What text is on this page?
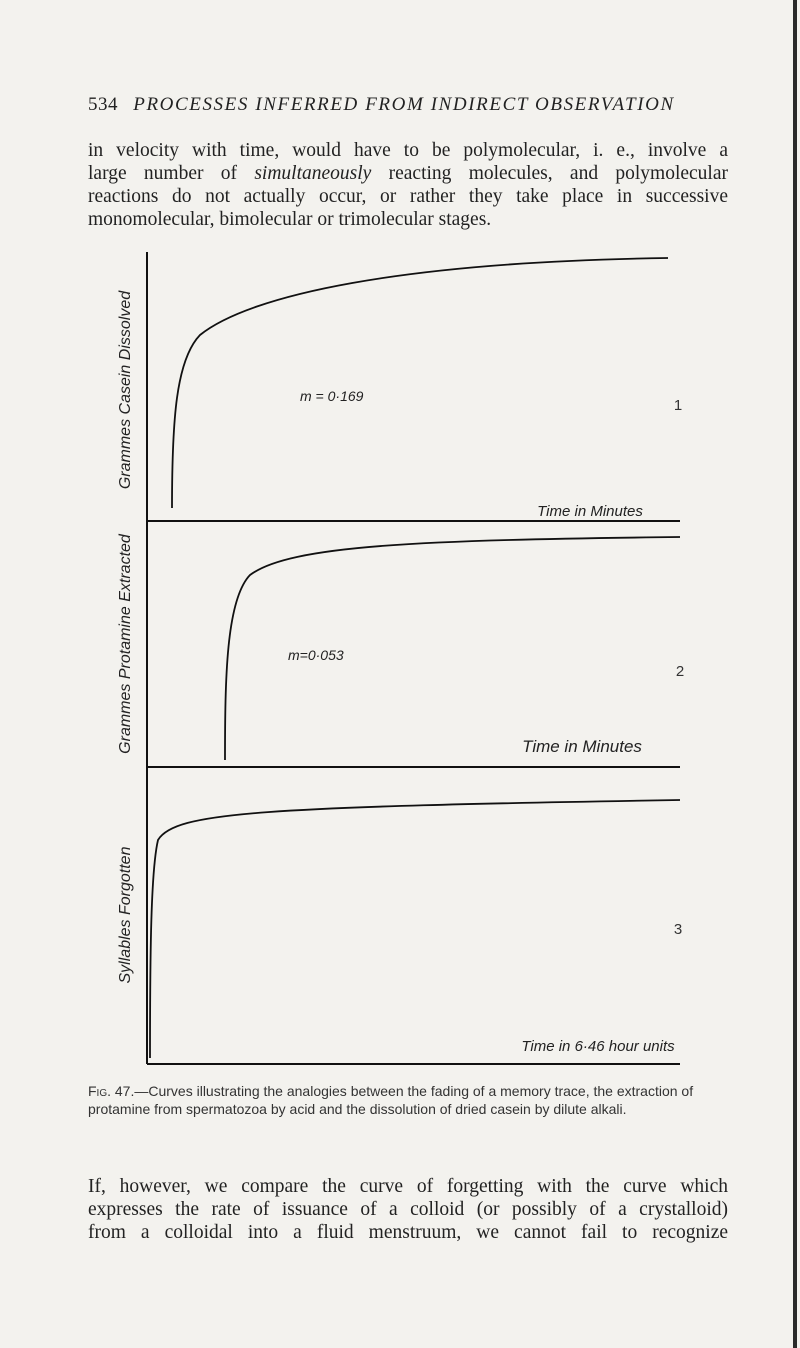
534 PROCESSES INFERRED FROM INDIRECT OBSERVATION
in velocity with time, would have to be polymolecular, i. e., involve a
large number of simultaneously reacting molecules, and polymolecular
reactions do not actually occur, or rather they take place in successive
monomolecular, bimolecular or trimolecular stages.
Grammes Casein Dissolved
Time in Minutes
m = 0·169
1
Grammes Protamine Extracted	Time in Minutes
m=0·053
2
Syllables Forgotten
Time in 6·46 hour units
3
Fig. 47.—Curves illustrating the analogies between the fading of a memory trace, the extraction of protamine from spermatozoa by acid and the dissolution of dried casein by dilute alkali.
If, however, we compare the curve of forgetting with the curve which
expresses the rate of issuance of a colloid (or possibly of a crystalloid)
from a colloidal into a fluid menstruum, we cannot fail to recognize
